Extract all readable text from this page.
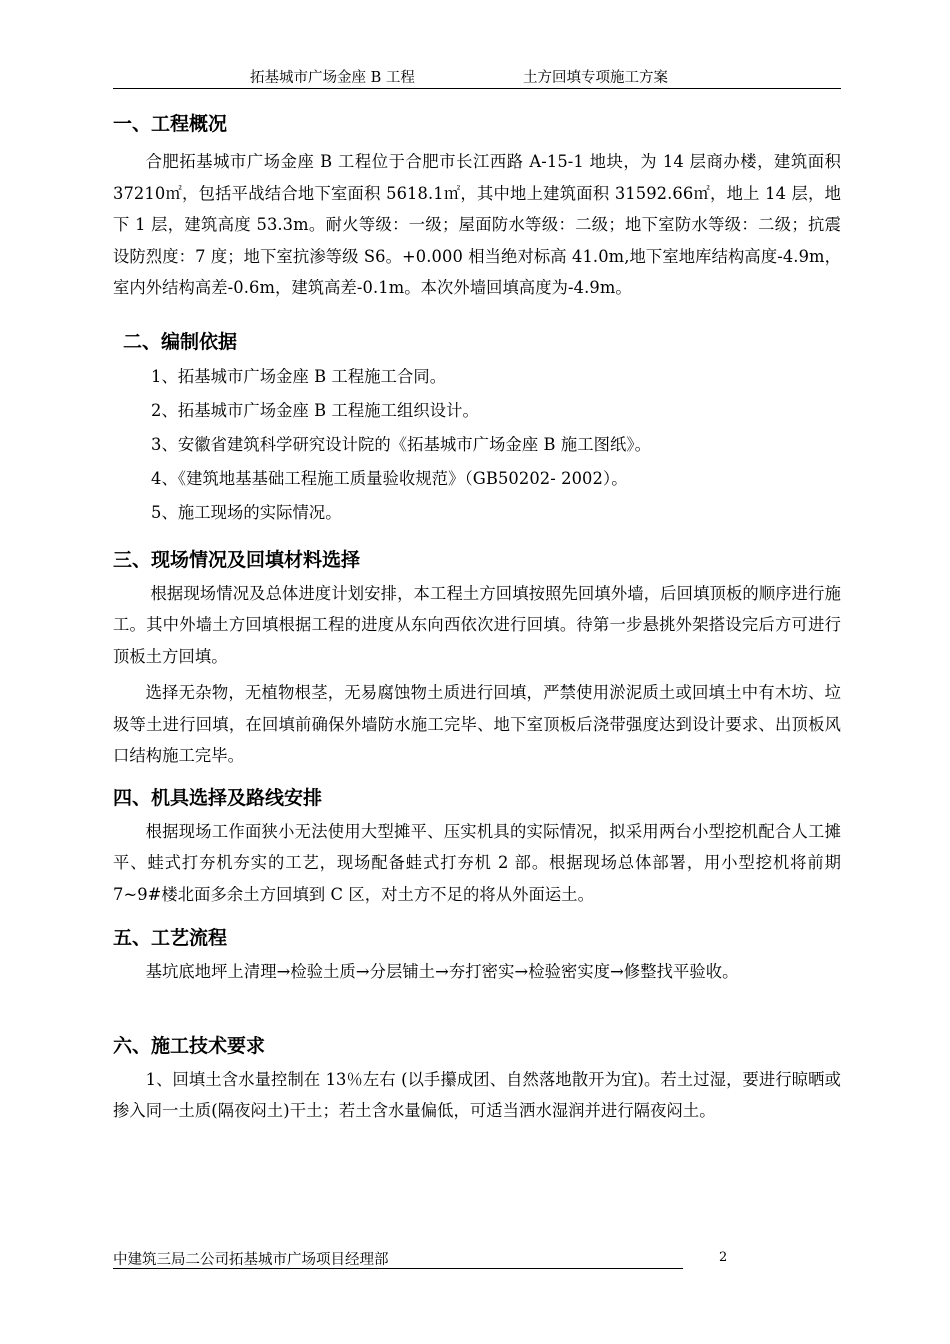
拓基城市广场金座 B 工程	土方回填专项施工方案
一、工程概况

合肥拓基城市广场金座 B 工程位于合肥市长江西路 A-15-1 地块，为 14 层商办楼，建筑面积 37210㎡，包括平战结合地下室面积 5618.1㎡，其中地上建筑面积 31592.66㎡，地上 14 层，地下 1 层，建筑高度 53.3m。耐火等级：一级；屋面防水等级：二级；地下室防水等级：二级；抗震设防烈度：7 度；地下室抗渗等级 S6。+0.000 相当绝对标高 41.0m,地下室地库结构高度-4.9m，室内外结构高差-0.6m，建筑高差-0.1m。本次外墙回填高度为-4.9m。

二、编制依据

1、拓基城市广场金座 B 工程施工合同。

2、拓基城市广场金座 B 工程施工组织设计。

3、安徽省建筑科学研究设计院的《拓基城市广场金座 B 施工图纸》。

4、《建筑地基基础工程施工质量验收规范》（GB50202- 2002）。

5、施工现场的实际情况。

三、现场情况及回填材料选择

根据现场情况及总体进度计划安排，本工程土方回填按照先回填外墙，后回填顶板的顺序进行施工。其中外墙土方回填根据工程的进度从东向西依次进行回填。待第一步悬挑外架搭设完后方可进行顶板土方回填。

选择无杂物，无植物根茎，无易腐蚀物土质进行回填，严禁使用淤泥质土或回填土中有木坊、垃圾等土进行回填，在回填前确保外墙防水施工完毕、地下室顶板后浇带强度达到设计要求、出顶板风口结构施工完毕。

四、机具选择及路线安排

根据现场工作面狭小无法使用大型摊平、压实机具的实际情况，拟采用两台小型挖机配合人工摊平、蛙式打夯机夯实的工艺，现场配备蛙式打夯机 2 部。根据现场总体部署，用小型挖机将前期 7~9#楼北面多余土方回填到 C 区，对土方不足的将从外面运土。

五、工艺流程

基坑底地坪上清理→检验土质→分层铺土→夯打密实→检验密实度→修整找平验收。

六、施工技术要求

1、回填土含水量控制在 13％左右 (以手攥成团、自然落地散开为宜)。若土过湿，要进行晾晒或掺入同一土质(隔夜闷土)干土；若土含水量偏低，可适当洒水湿润并进行隔夜闷土。

中建筑三局二公司拓基城市广场项目经理部	2
